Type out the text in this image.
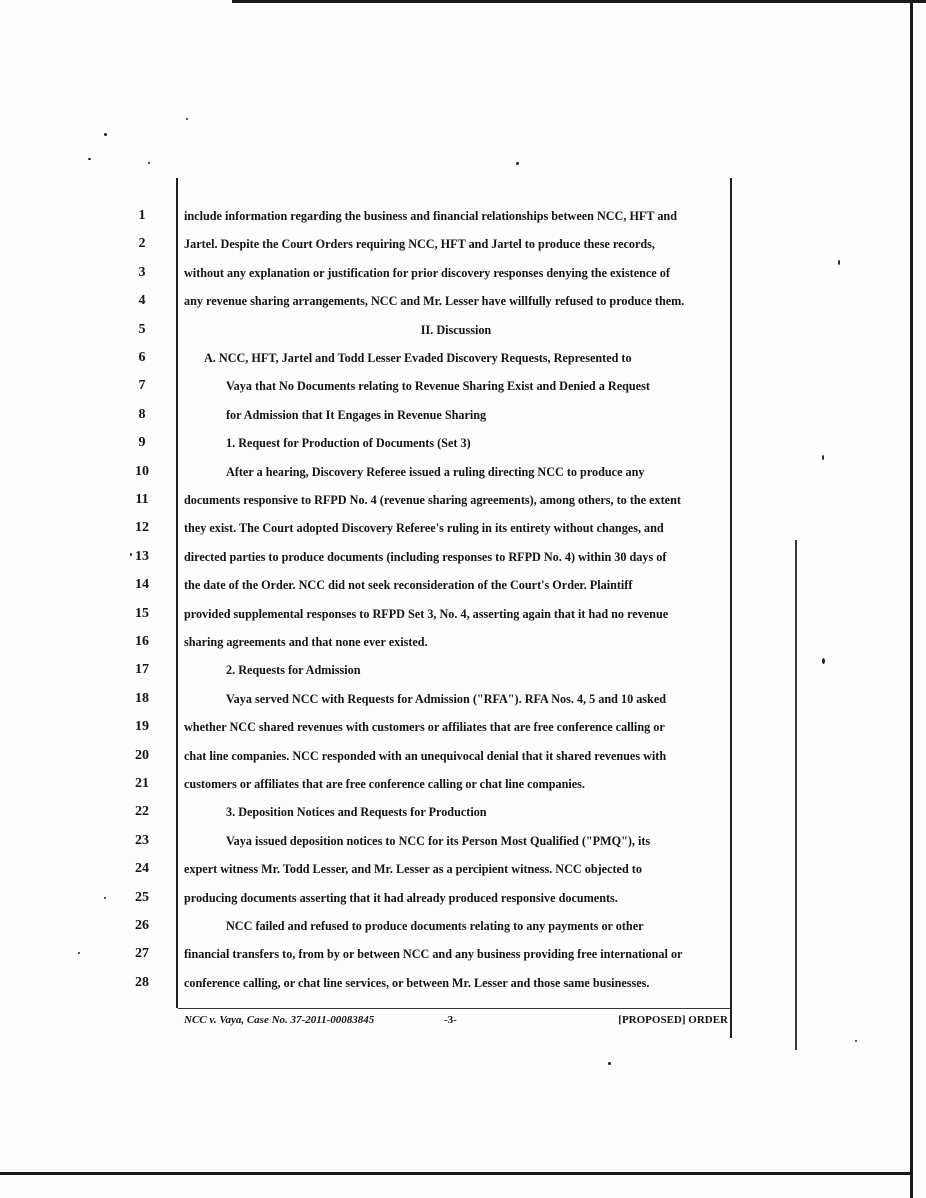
1	include information regarding the business and financial relationships between NCC, HFT and
2	Jartel. Despite the Court Orders requiring NCC, HFT and Jartel to produce these records,
3	without any explanation or justification for prior discovery responses denying the existence of
4	any revenue sharing arrangements, NCC and Mr. Lesser have willfully refused to produce them.
5	II. Discussion
6	A. NCC, HFT, Jartel and Todd Lesser Evaded Discovery Requests, Represented to
7	Vaya that No Documents relating to Revenue Sharing Exist and Denied a Request
8	for Admission that It Engages in Revenue Sharing
9	1. Request for Production of Documents (Set 3)
10	After a hearing, Discovery Referee issued a ruling directing NCC to produce any
11	documents responsive to RFPD No. 4 (revenue sharing agreements), among others, to the extent
12	they exist. The Court adopted Discovery Referee's ruling in its entirety without changes, and
13	directed parties to produce documents (including responses to RFPD No. 4) within 30 days of
14	the date of the Order. NCC did not seek reconsideration of the Court's Order. Plaintiff
15	provided supplemental responses to RFPD Set 3, No. 4, asserting again that it had no revenue
16	sharing agreements and that none ever existed.
17	2. Requests for Admission
18	Vaya served NCC with Requests for Admission ("RFA"). RFA Nos. 4, 5 and 10 asked
19	whether NCC shared revenues with customers or affiliates that are free conference calling or
20	chat line companies. NCC responded with an unequivocal denial that it shared revenues with
21	customers or affiliates that are free conference calling or chat line companies.
22	3. Deposition Notices and Requests for Production
23	Vaya issued deposition notices to NCC for its Person Most Qualified ("PMQ"), its
24	expert witness Mr. Todd Lesser, and Mr. Lesser as a percipient witness. NCC objected to
25	producing documents asserting that it had already produced responsive documents.
26	NCC failed and refused to produce documents relating to any payments or other
27	financial transfers to, from by or between NCC and any business providing free international or
28	conference calling, or chat line services, or between Mr. Lesser and those same businesses.
NCC v. Vaya, Case No. 37-2011-00083845	-3-	[PROPOSED] ORDER
